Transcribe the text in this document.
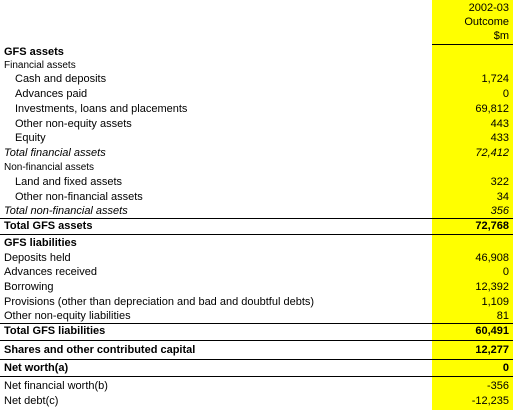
2002-03
Outcome
$m
GFS assets
Financial assets
Cash and deposits	1,724
Advances paid	0
Investments, loans and placements	69,812
Other non-equity assets	443
Equity	433
Total financial assets	72,412
Non-financial assets
Land and fixed assets	322
Other non-financial assets	34
Total non-financial assets	356
Total GFS assets	72,768
GFS liabilities
Deposits held	46,908
Advances received	0
Borrowing	12,392
Provisions (other than depreciation and bad and doubtful debts)	1,109
Other non-equity liabilities	81
Total GFS liabilities	60,491
Shares and other contributed capital	12,277
Net worth(a)	0
Net financial worth(b)	-356
Net debt(c)	-12,235
